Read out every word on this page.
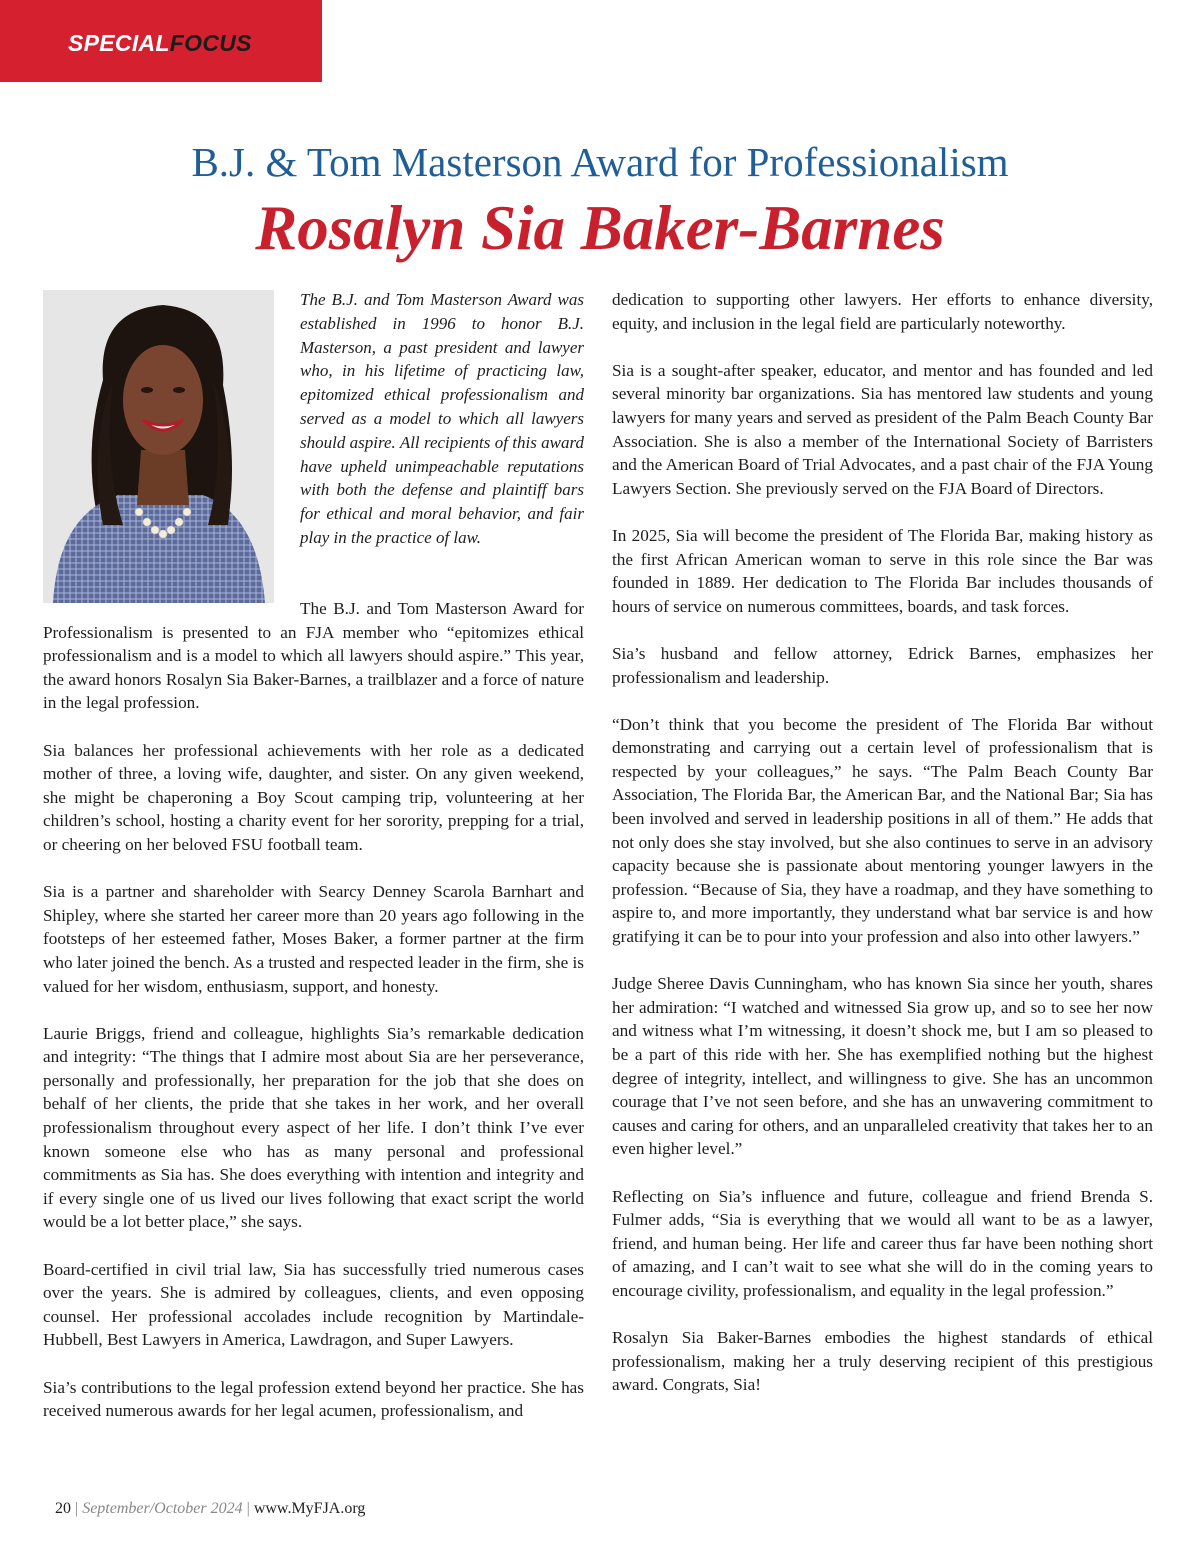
SPECIALFOCUS
B.J. & Tom Masterson Award for Professionalism
Rosalyn Sia Baker-Barnes

The B.J. and Tom Masterson Award was established in 1996 to honor B.J. Masterson, a past president and lawyer who, in his lifetime of practicing law, epitomized ethical professionalism and served as a model to which all lawyers should aspire. All recipients of this award have upheld unimpeachable reputations with both the defense and plaintiff bars for ethical and moral behavior, and fair play in the practice of law.

The B.J. and Tom Masterson Award for Professionalism is presented to an FJA member who “epitomizes ethical professionalism and is a model to which all lawyers should aspire.” This year, the award honors Rosalyn Sia Baker-Barnes, a trailblazer and a force of nature in the legal profession.

Sia balances her professional achievements with her role as a dedicated mother of three, a loving wife, daughter, and sister. On any given weekend, she might be chaperoning a Boy Scout camping trip, volunteering at her children’s school, hosting a charity event for her sorority, prepping for a trial, or cheering on her beloved FSU football team.

Sia is a partner and shareholder with Searcy Denney Scarola Barnhart and Shipley, where she started her career more than 20 years ago following in the footsteps of her esteemed father, Moses Baker, a former partner at the firm who later joined the bench. As a trusted and respected leader in the firm, she is valued for her wisdom, enthusiasm, support, and honesty.

Laurie Briggs, friend and colleague, highlights Sia’s remarkable dedication and integrity: “The things that I admire most about Sia are her perseverance, personally and professionally, her preparation for the job that she does on behalf of her clients, the pride that she takes in her work, and her overall professionalism throughout every aspect of her life. I don’t think I’ve ever known someone else who has as many personal and professional commitments as Sia has. She does everything with intention and integrity and if every single one of us lived our lives following that exact script the world would be a lot better place,” she says.

Board-certified in civil trial law, Sia has successfully tried numerous cases over the years. She is admired by colleagues, clients, and even opposing counsel. Her professional accolades include recognition by Martindale-Hubbell, Best Lawyers in America, Lawdragon, and Super Lawyers.

Sia’s contributions to the legal profession extend beyond her practice. She has received numerous awards for her legal acumen, professionalism, and

dedication to supporting other lawyers. Her efforts to enhance diversity, equity, and inclusion in the legal field are particularly noteworthy.

Sia is a sought-after speaker, educator, and mentor and has founded and led several minority bar organizations. Sia has mentored law students and young lawyers for many years and served as president of the Palm Beach County Bar Association. She is also a member of the International Society of Barristers and the American Board of Trial Advocates, and a past chair of the FJA Young Lawyers Section. She previously served on the FJA Board of Directors.

In 2025, Sia will become the president of The Florida Bar, making history as the first African American woman to serve in this role since the Bar was founded in 1889. Her dedication to The Florida Bar includes thousands of hours of service on numerous committees, boards, and task forces.

Sia’s husband and fellow attorney, Edrick Barnes, emphasizes her professionalism and leadership.

“Don’t think that you become the president of The Florida Bar without demonstrating and carrying out a certain level of professionalism that is respected by your colleagues,” he says. “The Palm Beach County Bar Association, The Florida Bar, the American Bar, and the National Bar; Sia has been involved and served in leadership positions in all of them.” He adds that not only does she stay involved, but she also continues to serve in an advisory capacity because she is passionate about mentoring younger lawyers in the profession. “Because of Sia, they have a roadmap, and they have something to aspire to, and more importantly, they understand what bar service is and how gratifying it can be to pour into your profession and also into other lawyers.”

Judge Sheree Davis Cunningham, who has known Sia since her youth, shares her admiration: “I watched and witnessed Sia grow up, and so to see her now and witness what I’m witnessing, it doesn’t shock me, but I am so pleased to be a part of this ride with her. She has exemplified nothing but the highest degree of integrity, intellect, and willingness to give. She has an uncommon courage that I’ve not seen before, and she has an unwavering commitment to causes and caring for others, and an unparalleled creativity that takes her to an even higher level.”

Reflecting on Sia’s influence and future, colleague and friend Brenda S. Fulmer adds, “Sia is everything that we would all want to be as a lawyer, friend, and human being. Her life and career thus far have been nothing short of amazing, and I can’t wait to see what she will do in the coming years to encourage civility, professionalism, and equality in the legal profession.”

Rosalyn Sia Baker-Barnes embodies the highest standards of ethical professionalism, making her a truly deserving recipient of this prestigious award. Congrats, Sia!

20 | September/October 2024 | www.MyFJA.org
